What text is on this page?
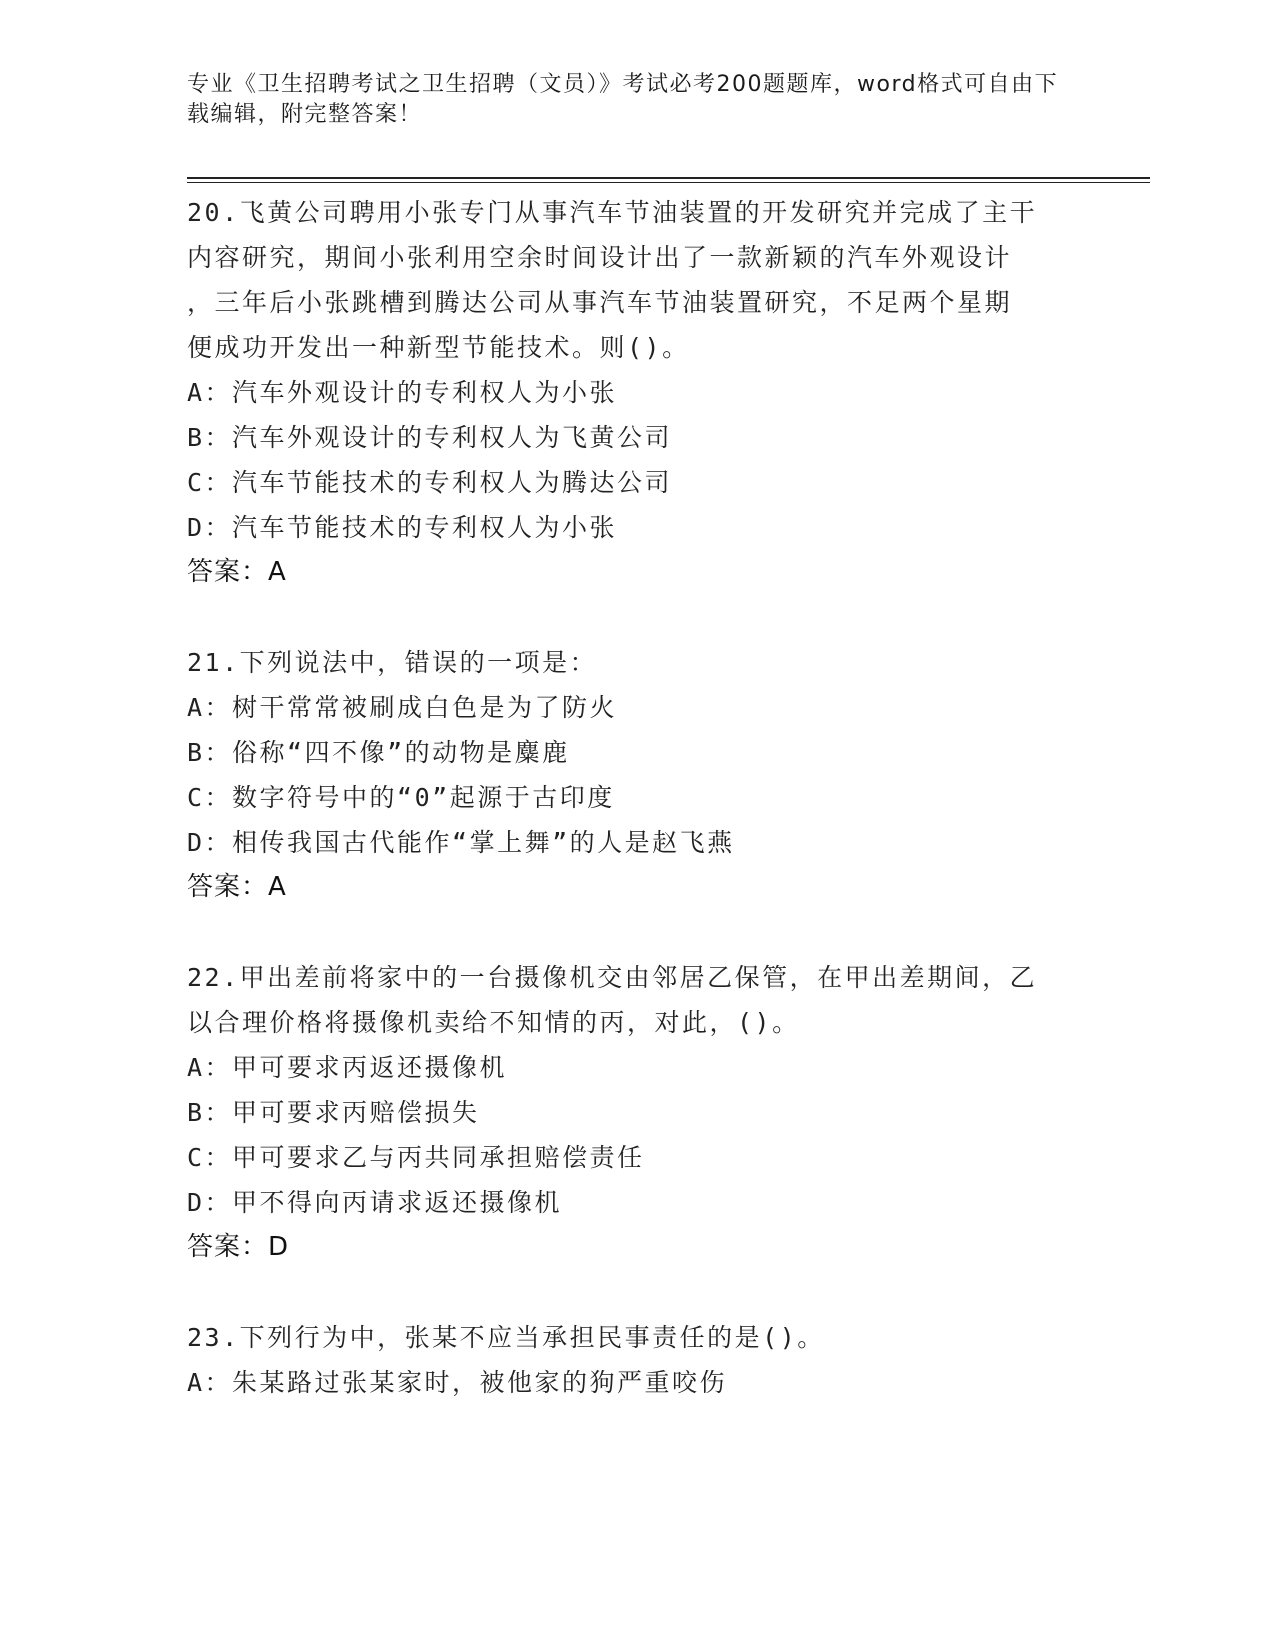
专业《卫生招聘考试之卫生招聘（文员）》考试必考200题题库，word格式可自由下载编辑，附完整答案！
20.飞黄公司聘用小张专门从事汽车节油装置的开发研究并完成了主干
内容研究，期间小张利用空余时间设计出了一款新颖的汽车外观设计
，三年后小张跳槽到腾达公司从事汽车节油装置研究，不足两个星期
便成功开发出一种新型节能技术。则()。
A：汽车外观设计的专利权人为小张
B：汽车外观设计的专利权人为飞黄公司
C：汽车节能技术的专利权人为腾达公司
D：汽车节能技术的专利权人为小张
答案：A
21.下列说法中，错误的一项是：
A：树干常常被刷成白色是为了防火
B：俗称“四不像”的动物是麋鹿
C：数字符号中的“0”起源于古印度
D：相传我国古代能作“掌上舞”的人是赵飞燕
答案：A
22.甲出差前将家中的一台摄像机交由邻居乙保管，在甲出差期间，乙
以合理价格将摄像机卖给不知情的丙，对此，()。
A：甲可要求丙返还摄像机
B：甲可要求丙赔偿损失
C：甲可要求乙与丙共同承担赔偿责任
D：甲不得向丙请求返还摄像机
答案：D
23.下列行为中，张某不应当承担民事责任的是()。
A：朱某路过张某家时，被他家的狗严重咬伤
